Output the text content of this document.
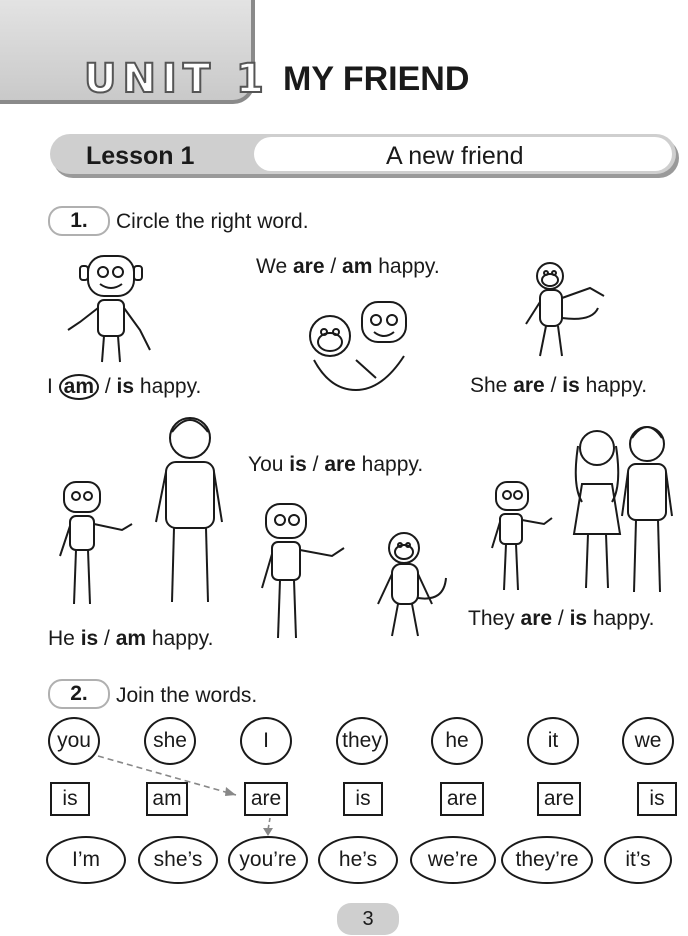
UNIT 1 MY FRIEND
Lesson 1	A new friend
1.	Circle the right word.
I am / is happy.
We are / am happy.
She are / is happy.
You is / are happy.
He is / am happy.
They are / is happy.
2.	Join the words.
you	she	I	they	he	it	we
is	am	are	is	are	are	is
I’m	she’s	you’re	he’s	we’re	they’re	it’s
3
